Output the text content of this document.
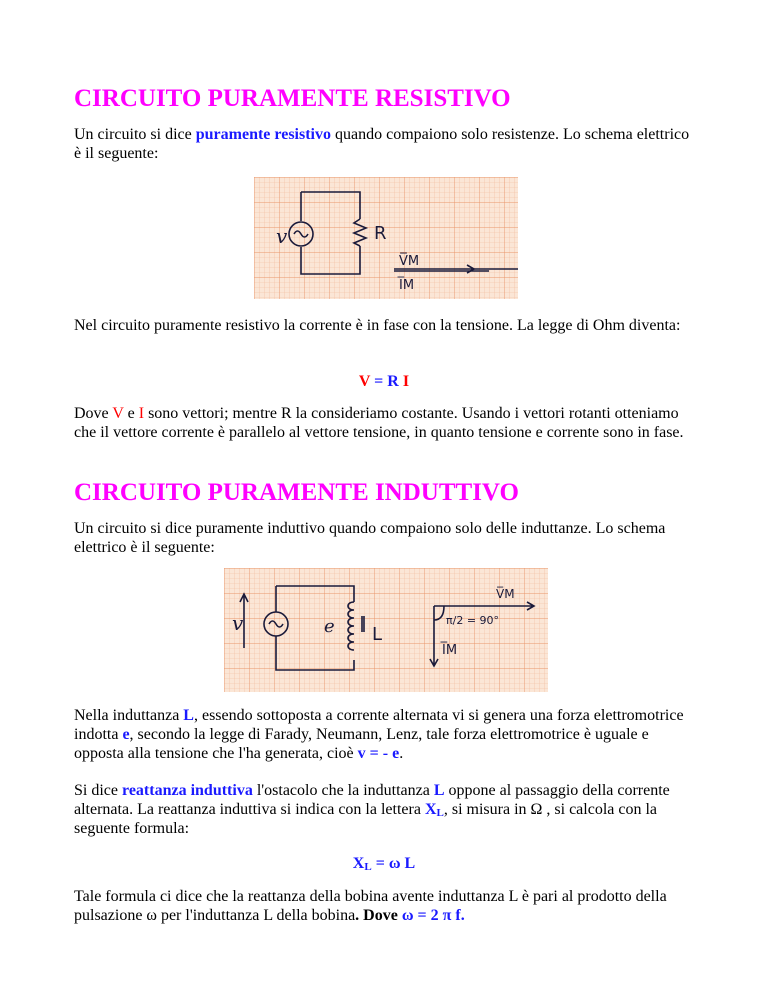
CIRCUITO PURAMENTE RESISTIVO

Un circuito si dice puramente resistivo quando compaiono solo resistenze. Lo schema elettrico è il seguente:

v	R
V̅M
I̅M

Nel circuito puramente resistivo la corrente è in fase con la tensione. La legge di Ohm diventa:

V = R I

Dove V e I sono vettori; mentre R la consideriamo costante. Usando i vettori rotanti otteniamo che il vettore corrente è parallelo al vettore tensione, in quanto tensione e corrente sono in fase.

CIRCUITO PURAMENTE INDUTTIVO

Un circuito si dice puramente induttivo quando compaiono solo delle induttanze. Lo schema elettrico è il seguente:

v	e L
V̅M
π/2 = 90°
I̅M

Nella induttanza L, essendo sottoposta a corrente alternata vi si genera una forza elettromotrice indotta e, secondo la legge di Farady, Neumann, Lenz, tale forza elettromotrice è uguale e opposta alla tensione che l'ha generata, cioè v = - e.

Si dice reattanza induttiva l'ostacolo che la induttanza L oppone al passaggio della corrente alternata. La reattanza induttiva si indica con la lettera $X_L$, si misura in Ω , si calcola con la seguente formula:

$X_L = \omega$ L

Tale formula ci dice che la reattanza della bobina avente induttanza L è pari al prodotto della pulsazione ω per l'induttanza L della bobina. Dove ω = 2 π f.
